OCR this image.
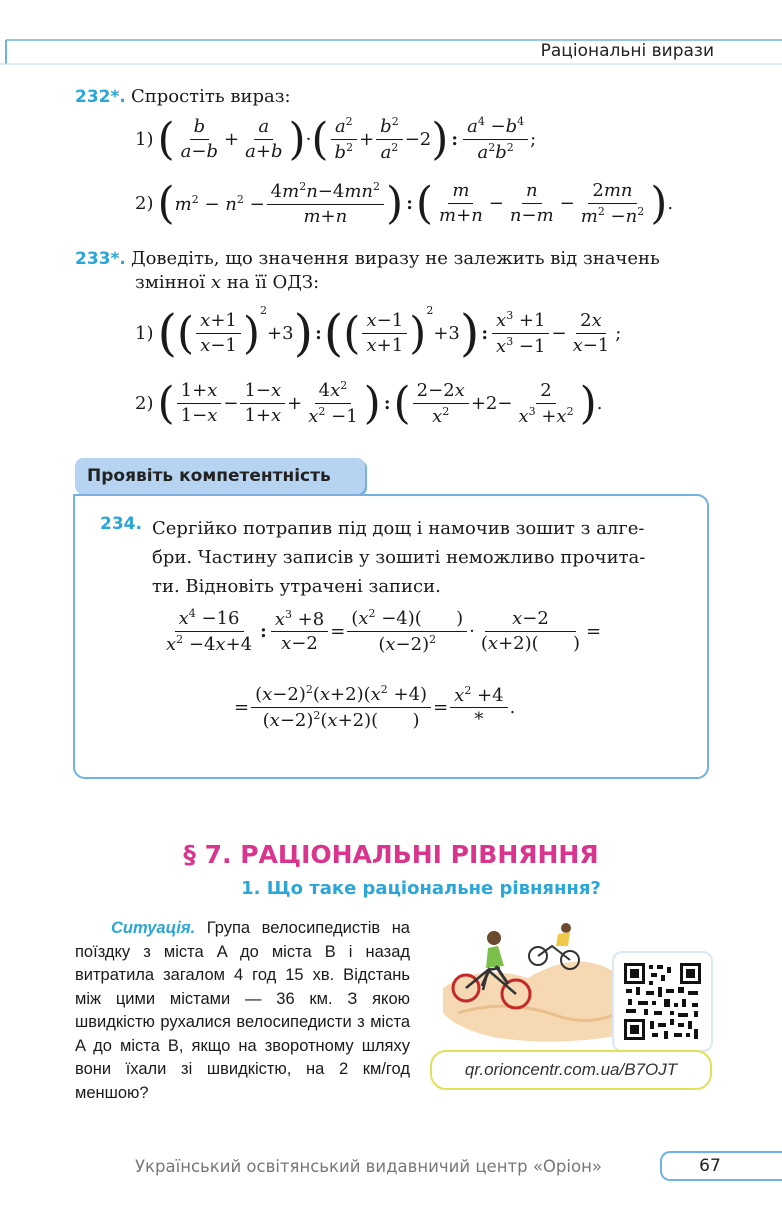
Раціональні вирази
232*. Спростіть вираз:
1) ( $\frac{b}{a-b} + \frac{a}{a+b}$ ) · ( $\frac{a^2}{b^2} + \frac{b^2}{a^2} -2$ ) : $\frac{a^4 -b^4}{a^2b^2}$ ;
2) ( $m^2 - n^2 - \frac{4m^2n-4mn^2}{m+n}$ ) : ( $\frac{m}{m+n} - \frac{n}{n-m} - \frac{2mn}{m^2 -n^2}$ ) .
233*. Доведіть, що значення виразу не залежить від значень
змінної x на її ОДЗ:
1) ( ( $\frac{x+1}{x-1} )^2$
+3 ) : ( ( $\frac{x-1}{x+1} )^2$
+3 ) : $\frac{x^3 +1}{x^3 -1} - \frac{2x}{x-1}$ ;
2) ( $\frac{1+x}{1-x} - \frac{1-x}{1+x} + \frac{4x^2}{x^2 -1}$ ) : ( $\frac{2-2x}{x^2} +2- \frac{2}{x^3 +x^2}$ ) .
Проявіть компетентність
234. Сергійко потрапив під дощ і намочив зошит з алге-
бри. Частину записів у зошиті неможливо прочита-
ти. Відновіть утрачені записи.
$\frac{x^4 -16}{x^2 -4x+4}$ : $\frac{x^3 +8}{x-2} = \frac{(x^2 -4)( )}{(x-2)^2} \cdot \frac{x-2}{(x+2)( )}$ =
= $\frac{(x-2)^2(x+2)(x^2 +4)}{(x-2)^2(x+2)( )} = \frac{x^2 +4}{*}$ .
§ 7. РАЦІОНАЛЬНІ РІВНЯННЯ
1. Що таке раціональне рівняння?
Ситуація. Група велосипедистів на поїздку з міста A до міста B і назад витратила загалом 4 год 15 хв. Відстань між цими містами — 36 км. З якою швидкістю рухалися велосипедисти з міста A до міста B, якщо на зворотному шляху вони їхали зі швидкістю, на 2 км/год меншою?
qr.orioncentr.com.ua/B7OJT
Український освітянський видавничий центр «Оріон»	67
